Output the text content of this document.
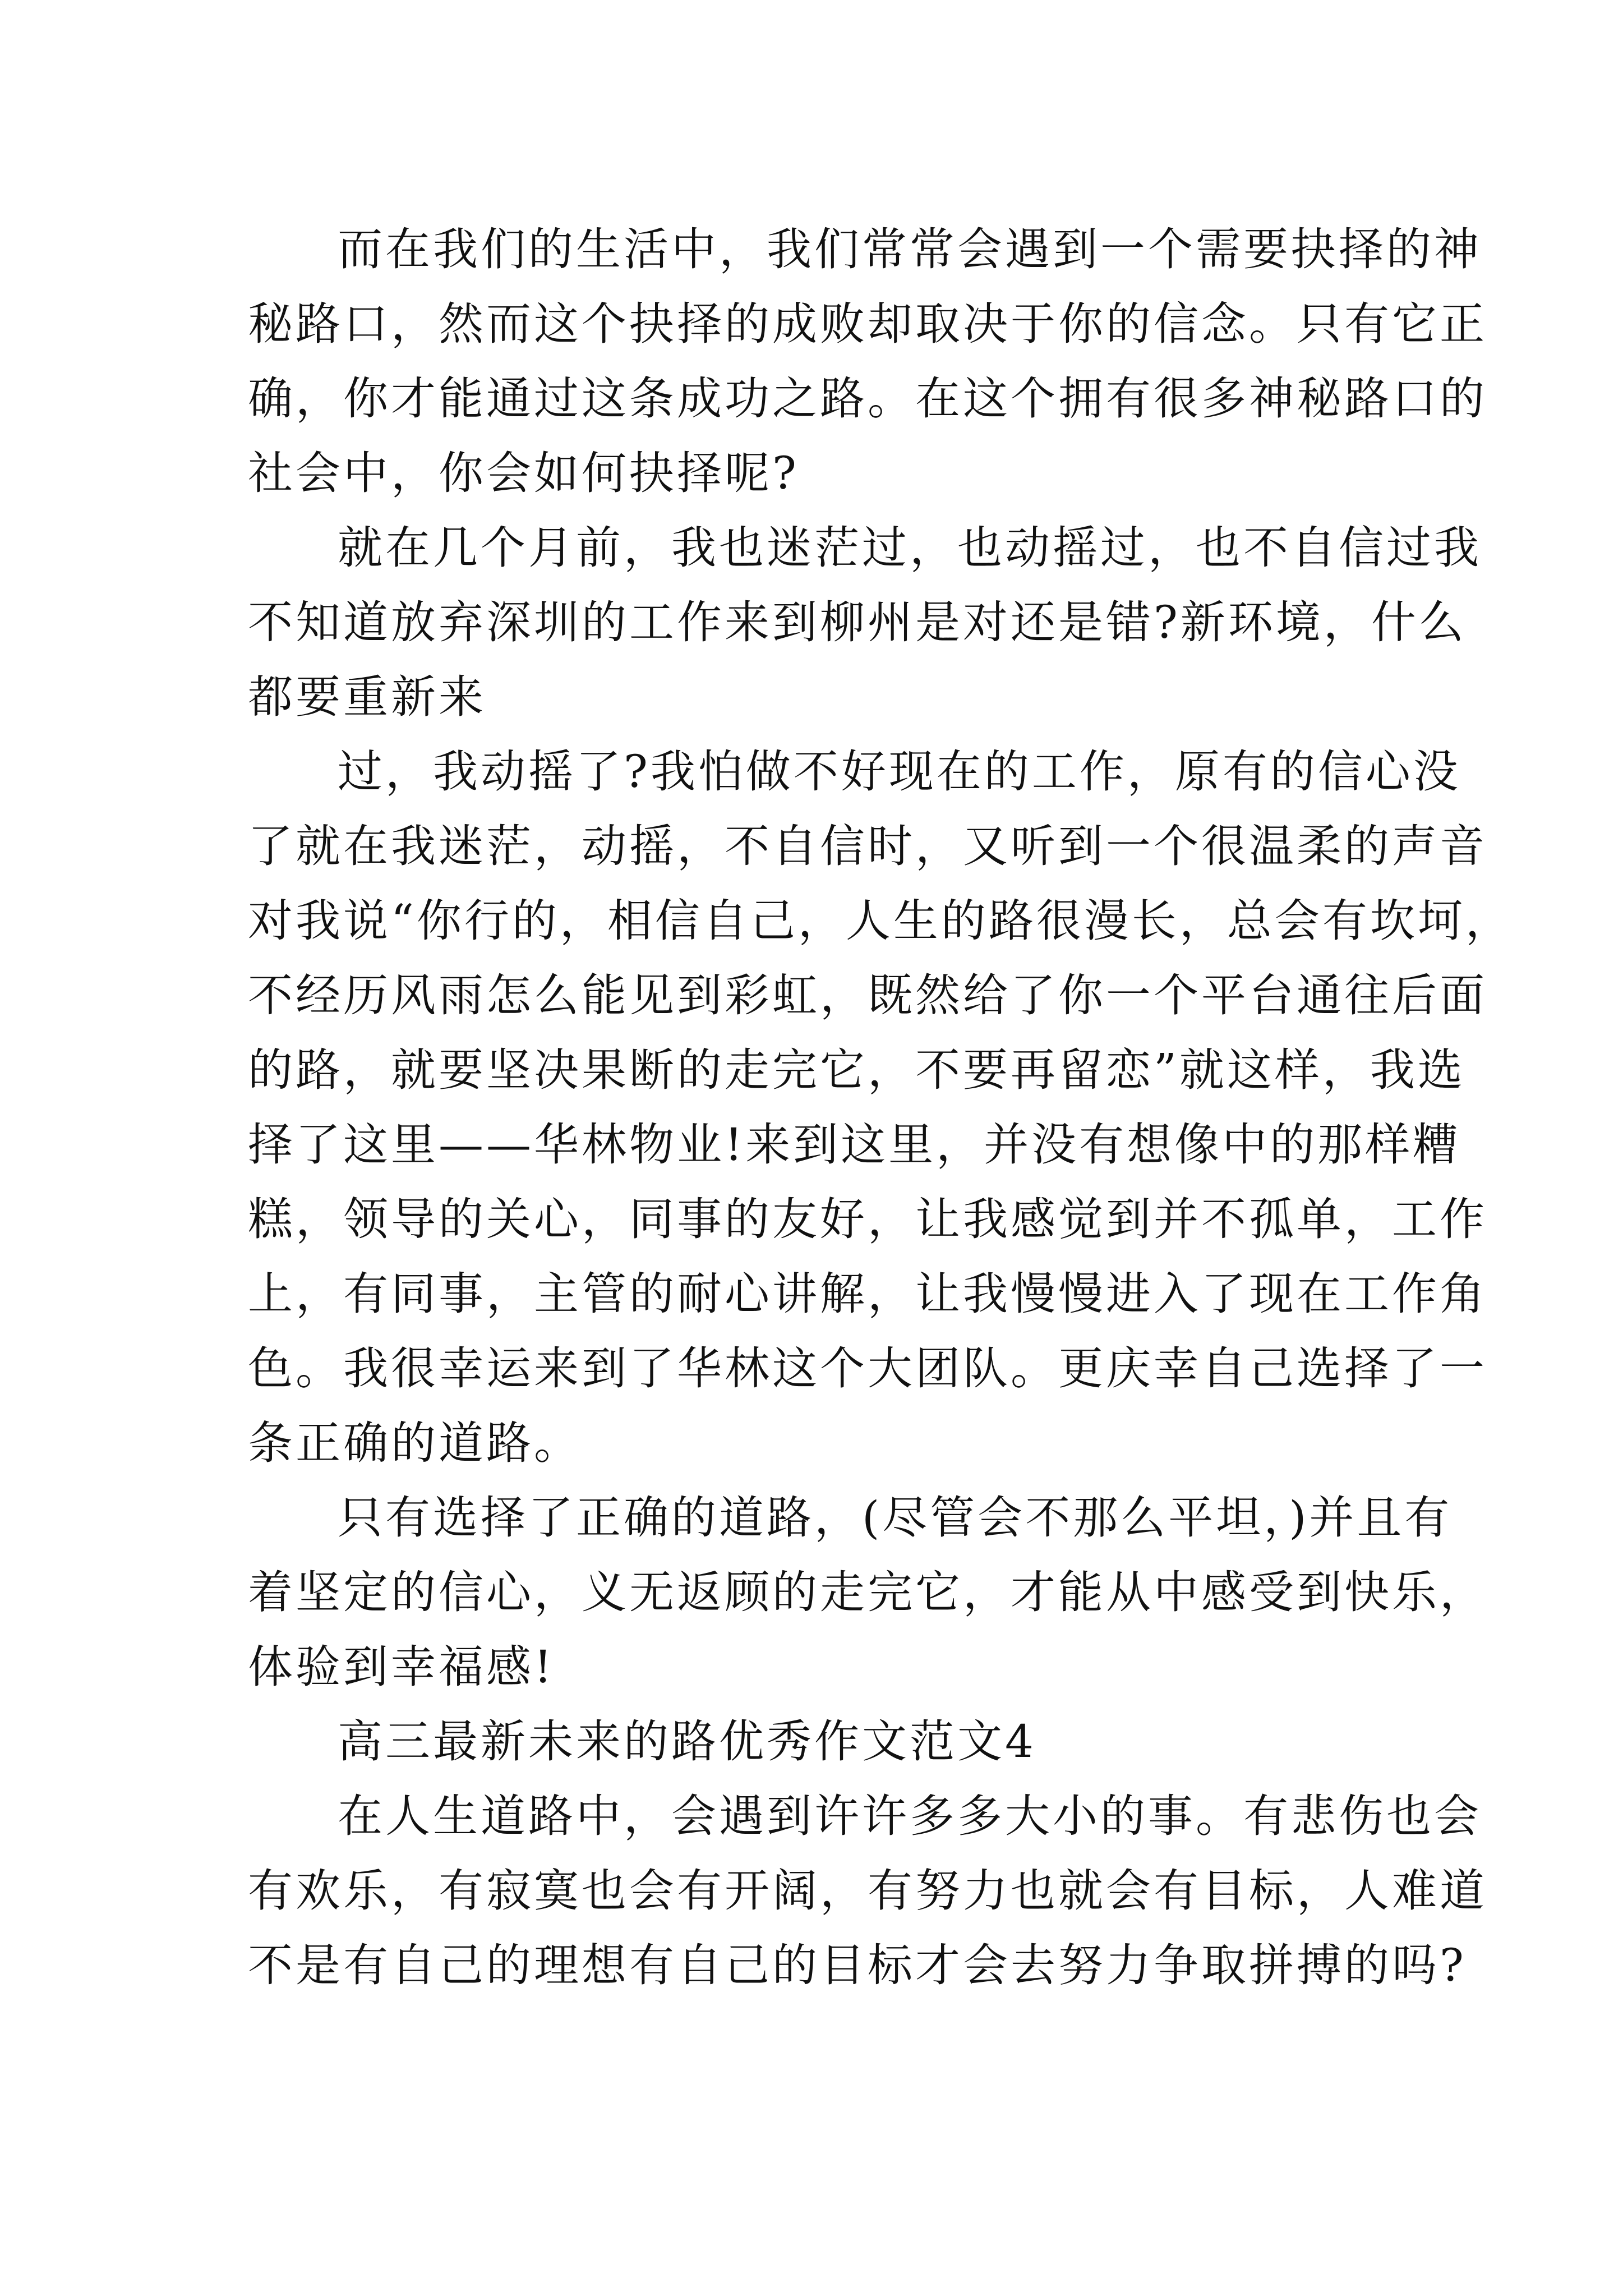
而在我们的生活中，我们常常会遇到一个需要抉择的神
秘路口，然而这个抉择的成败却取决于你的信念。只有它正
确，你才能通过这条成功之路。在这个拥有很多神秘路口的
社会中，你会如何抉择呢?

就在几个月前，我也迷茫过，也动摇过，也不自信过我
不知道放弃深圳的工作来到柳州是对还是错?新环境，什么
都要重新来

过，我动摇了?我怕做不好现在的工作，原有的信心没
了就在我迷茫，动摇，不自信时，又听到一个很温柔的声音
对我说“你行的，相信自己，人生的路很漫长，总会有坎坷，
不经历风雨怎么能见到彩虹，既然给了你一个平台通往后面
的路，就要坚决果断的走完它，不要再留恋”就这样，我选
择了这里——华林物业!来到这里，并没有想像中的那样糟
糕，领导的关心，同事的友好，让我感觉到并不孤单，工作
上，有同事，主管的耐心讲解，让我慢慢进入了现在工作角
色。我很幸运来到了华林这个大团队。更庆幸自己选择了一
条正确的道路。

只有选择了正确的道路，(尽管会不那么平坦，)并且有
着坚定的信心，义无返顾的走完它，才能从中感受到快乐，
体验到幸福感!

高三最新未来的路优秀作文范文4

在人生道路中，会遇到许许多多大小的事。有悲伤也会
有欢乐，有寂寞也会有开阔，有努力也就会有目标，人难道
不是有自己的理想有自己的目标才会去努力争取拼搏的吗?
